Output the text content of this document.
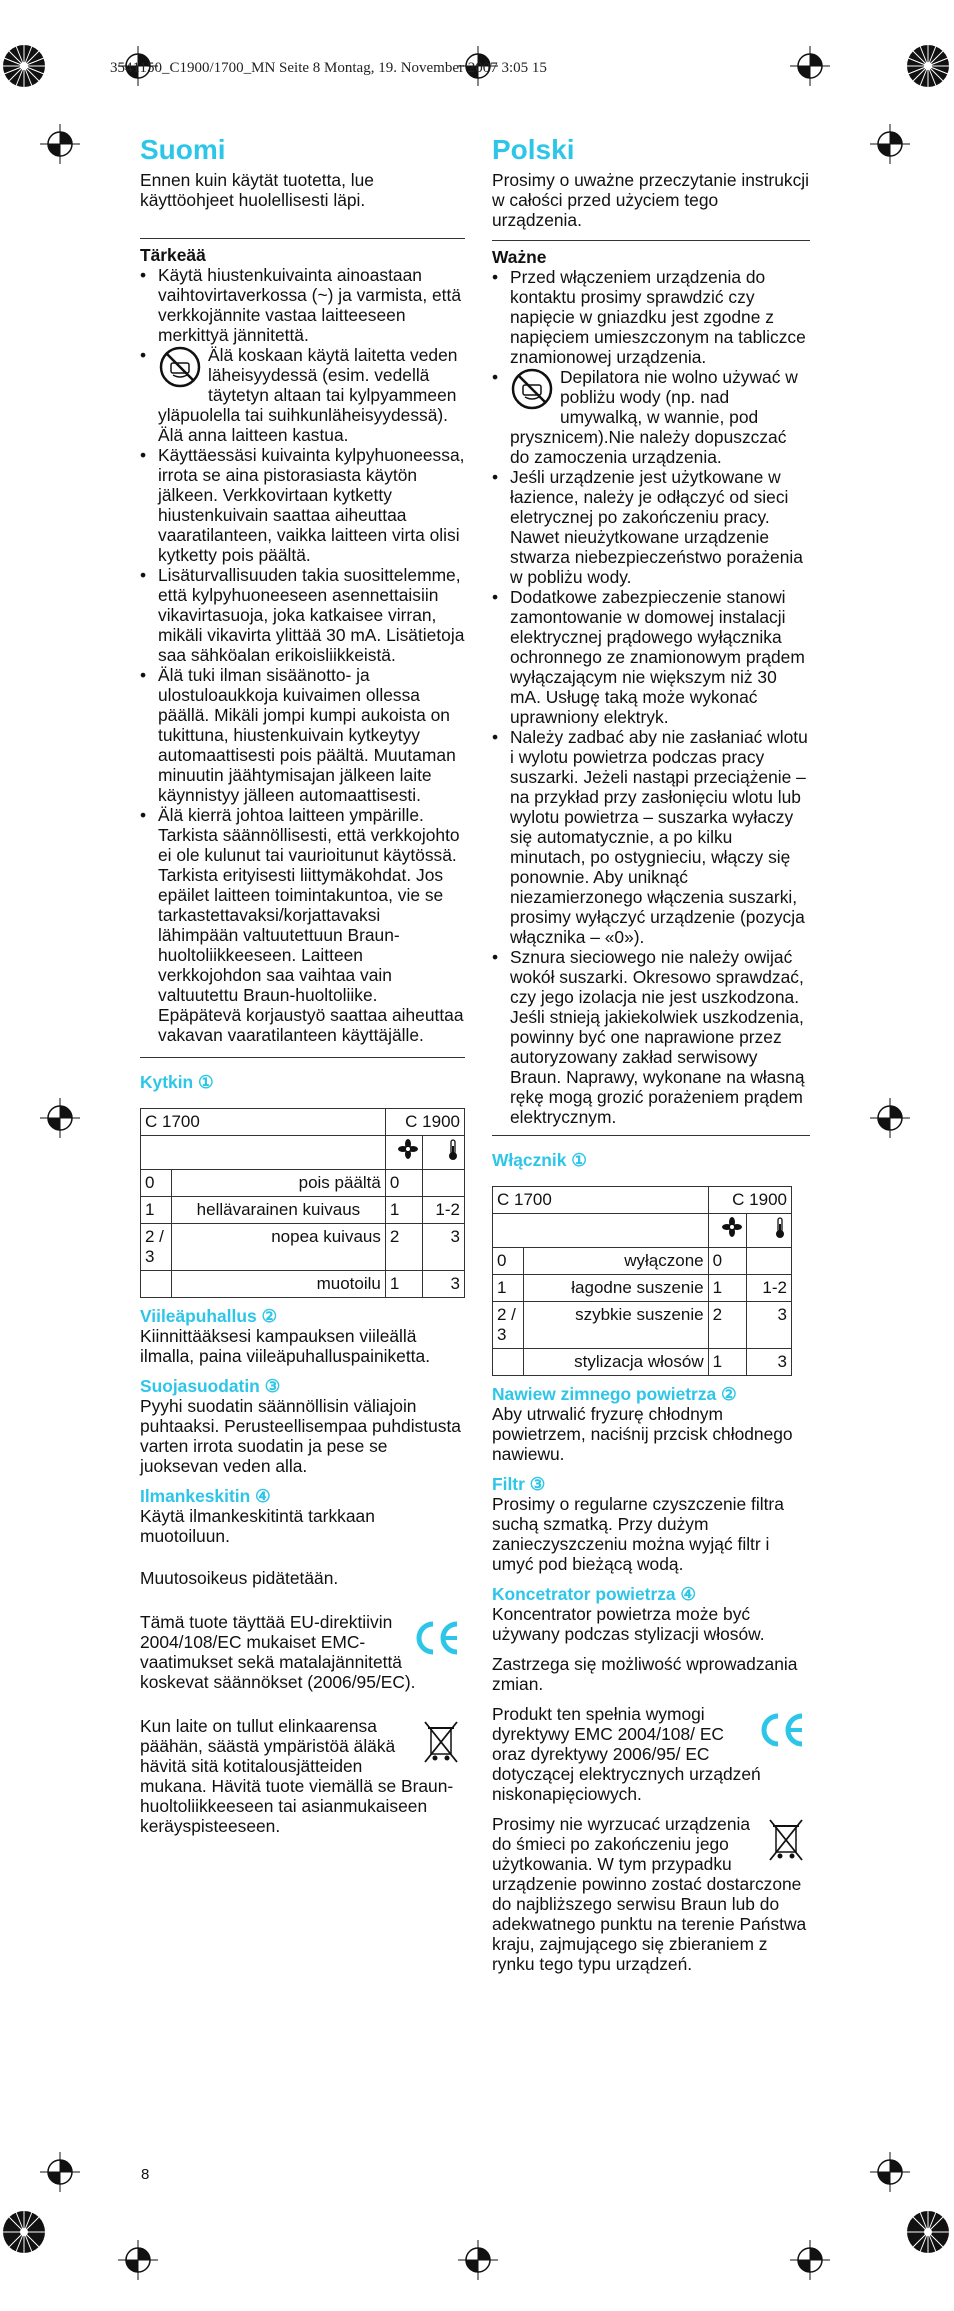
3541150_C1900/1700_MN Seite 8 Montag, 19. November 2007 3:05 15
Suomi

Ennen kuin käytät tuotetta, lue käyttöohjeet huolellisesti läpi.

Tärkeää
• Käytä hiustenkuivainta ainoastaan vaihtovirtaverkossa (~) ja varmista, että verkkojännite vastaa laitteeseen merkittyä jännitettä.
•	Älä koskaan käytä laitetta veden läheisyydessä (esim. vedellä täytetyn altaan tai kylpyammeen yläpuolella tai suihkunläheisyydessä). Älä anna laitteen kastua.
• Käyttäessäsi kuivainta kylpyhuoneessa, irrota se aina pistorasiasta käytön jälkeen. Verkkovirtaan kytketty hiustenkuivain saattaa aiheuttaa vaaratilanteen, vaikka laitteen virta olisi kytketty pois päältä.
• Lisäturvallisuuden takia suosittelemme, että kylpyhuoneeseen asennettaisiin vikavirtasuoja, joka katkaisee virran, mikäli vikavirta ylittää 30 mA. Lisätietoja saa sähköalan erikoisliikkeistä.
• Älä tuki ilman sisäänotto- ja ulostuloaukkoja kuivaimen ollessa päällä. Mikäli jompi kumpi aukoista on tukittuna, hiustenkuivain kytkeytyy automaattisesti pois päältä. Muutaman minuutin jäähtymisajan jälkeen laite käynnistyy jälleen automaattisesti.
• Älä kierrä johtoa laitteen ympärille. Tarkista säännöllisesti, että verkkojohto ei ole kulunut tai vaurioitunut käytössä. Tarkista erityisesti liittymäkohdat. Jos epäilet laitteen toimintakuntoa, vie se tarkastettavaksi/korjattavaksi lähimpään valtuutettuun Braun-huoltoliikkeeseen. Laitteen verkkojohdon saa vaihtaa vain valtuutettu Braun-huoltoliike. Epäpätevä korjaustyö saattaa aiheuttaa vakavan vaaratilanteen käyttäjälle.
Kytkin ①
C 1700		C 1900	

0	pois päältä	0	
1	hellävarainen kuivaus	1	1-2
2 / 3	nopea kuivaus	2	3
	muotoilu	1	3
Viileäpuhallus ②

Kiinnittääksesi kampauksen viileällä ilmalla, paina viileäpuhalluspainiketta.

Suojasuodatin ③

Pyyhi suodatin säännöllisin väliajoin puhtaaksi. Perusteellisempaa puhdistusta varten irrota suodatin ja pese se juoksevan veden alla.

Ilmankeskitin ④

Käytä ilmankeskitintä tarkkaan muotoiluun.

Muutosoikeus pidätetään.

Tämä tuote täyttää EU-direktiivin 2004/108/EC mukaiset EMC-vaatimukset sekä matalajännitettä koskevat säännökset (2006/95/EC).

Kun laite on tullut elinkaarensa päähän, säästä ympäristöä äläkä hävitä sitä kotitalousjätteiden mukana. Hävitä tuote viemällä se Braun-huoltoliikkeeseen tai asianmukaiseen keräyspisteeseen.

Polski

Prosimy o uważne przeczytanie instrukcji w całości przed użyciem tego urządzenia.

Ważne
• Przed włączeniem urządzenia do kontaktu prosimy sprawdzić czy napięcie w gniazdku jest zgodne z napięciem umieszczonym na tabliczce znamionowej urządzenia.
•	Depilatora nie wolno używać w pobliżu wody (np. nad umywalką, w wannie, pod prysznicem).Nie należy dopuszczać do zamoczenia urządzenia.
• Jeśli urządzenie jest użytkowane w łazience, należy je odłączyć od sieci eletrycznej po zakończeniu pracy. Nawet nieużytkowane urządzenie stwarza niebezpieczeństwo porażenia w pobliżu wody.
• Dodatkowe zabezpieczenie stanowi zamontowanie w domowej instalacji elektrycznej prądowego wyłącznika ochronnego ze znamionowym prądem wyłączającym nie większym niż 30 mA. Usługę taką może wykonać uprawniony elektryk.
• Należy zadbać aby nie zasłaniać wlotu i wylotu powietrza podczas pracy suszarki. Jeżeli nastąpi przeciążenie – na przykład przy zasłonięciu wlotu lub wylotu powietrza – suszarka wyłaczy się automatycznie, a po kilku minutach, po ostygnieciu, włączy się ponownie. Aby uniknąć niezamierzonego włączenia suszarki, prosimy wyłączyć urządzenie (pozycja włącznika – «0»).
• Sznura sieciowego nie należy owijać wokół suszarki. Okresowo sprawdzać, czy jego izolacja nie jest uszkodzona. Jeśli stnieją jakiekolwiek uszkodzenia, powinny być one naprawione przez autoryzowany zakład serwisowy Braun. Naprawy, wykonane na własną rękę mogą grozić porażeniem prądem elektrycznym.
Włącznik ①
C 1700		C 1900	

0	wyłączone	0	
1	łagodne suszenie	1	1-2
2 / 3	szybkie suszenie	2	3
	stylizacja włosów	1	3
Nawiew zimnego powietrza ②

Aby utrwalić fryzurę chłodnym powietrzem, naciśnij przcisk chłodnego nawiewu.

Filtr ③

Prosimy o regularne czyszczenie filtra suchą szmatką. Przy dużym zanieczyszczeniu można wyjąć filtr i umyć pod bieżącą wodą.

Koncetrator powietrza ④

Koncentrator powietrza może być używany podczas stylizacji włosów.

Zastrzega się możliwość wprowadzania zmian.

Produkt ten spełnia wymogi dyrektywy EMC 2004/108/ EC oraz dyrektywy 2006/95/ EC dotyczącej elektrycznych urządzeń niskonapięciowych.

Prosimy nie wyrzucać urządzenia do śmieci po zakończeniu jego użytkowania. W tym przypadku urządzenie powinno zostać dostarczone do najbliższego serwisu Braun lub do adekwatnego punktu na terenie Państwa kraju, zajmującego się zbieraniem z rynku tego typu urządzeń.

8
